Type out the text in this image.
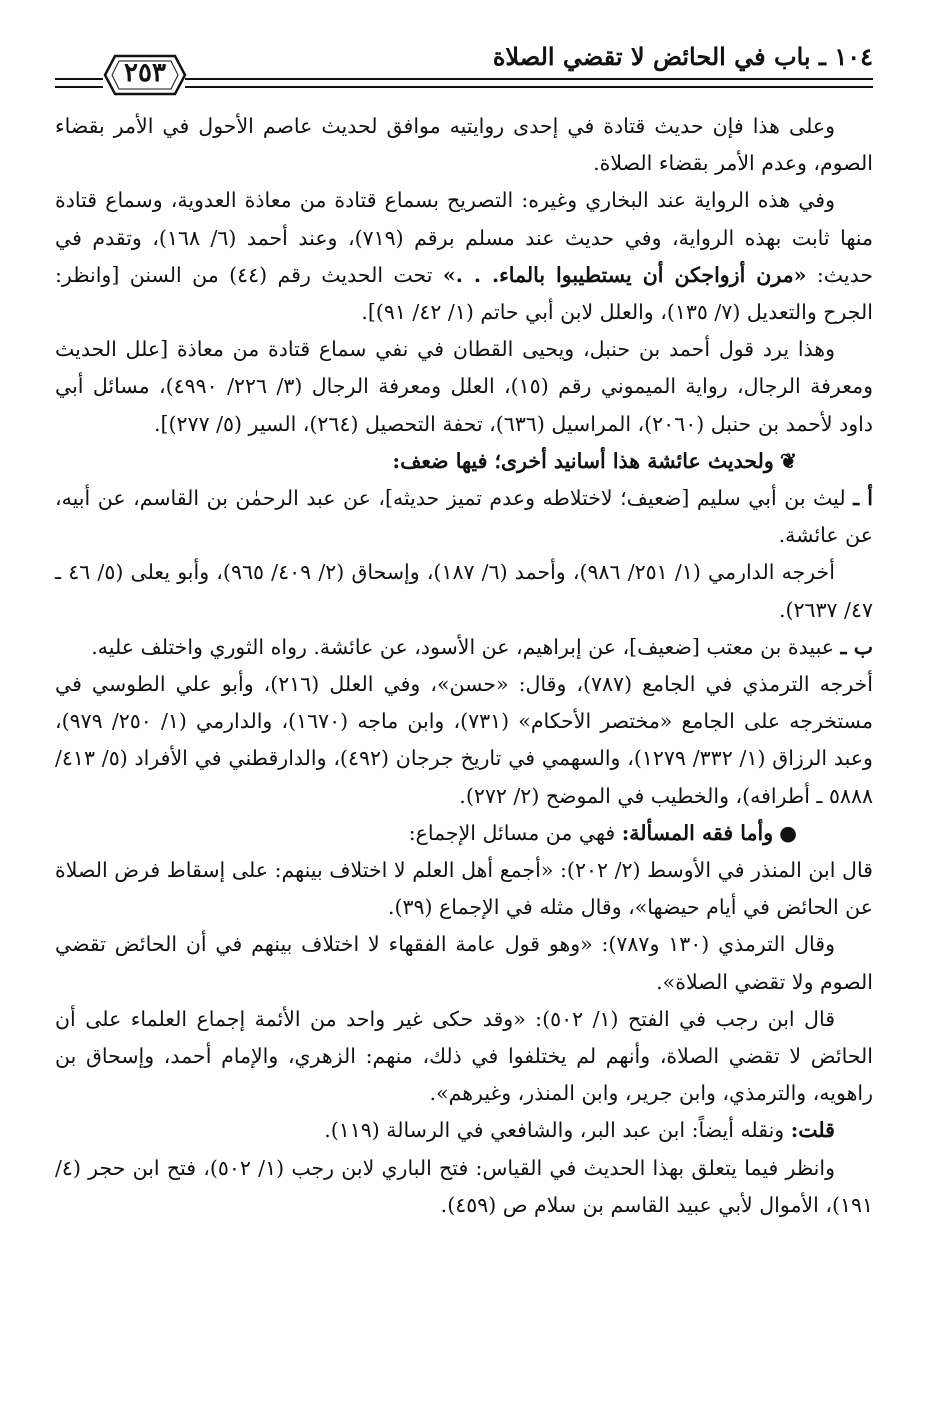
١٠٤ ـ باب في الحائض لا تقضي الصلاة
٢٥٣

وعلى هذا فإن حديث قتادة في إحدى روايتيه موافق لحديث عاصم الأحول في الأمر بقضاء الصوم، وعدم الأمر بقضاء الصلاة.

وفي هذه الرواية عند البخاري وغيره: التصريح بسماع قتادة من معاذة العدوية، وسماع قتادة منها ثابت بهذه الرواية، وفي حديث عند مسلم برقم (٧١٩)، وعند أحمد (٦/ ١٦٨)، وتقدم في حديث: «مرن أزواجكن أن يستطيبوا بالماء. . .» تحت الحديث رقم (٤٤) من السنن [وانظر: الجرح والتعديل (٧/ ١٣٥)، والعلل لابن أبي حاتم (١/ ٤٢/ ٩١)].

وهذا يرد قول أحمد بن حنبل، ويحيى القطان في نفي سماع قتادة من معاذة [علل الحديث ومعرفة الرجال، رواية الميموني رقم (١٥)، العلل ومعرفة الرجال (٣/ ٢٢٦/ ٤٩٩٠)، مسائل أبي داود لأحمد بن حنبل (٢٠٦٠)، المراسيل (٦٣٦)، تحفة التحصيل (٢٦٤)، السير (٥/ ٢٧٧)].

❦ولحديث عائشة هذا أسانيد أخرى؛ فيها ضعف:

أ ـ ليث بن أبي سليم [ضعيف؛ لاختلاطه وعدم تميز حديثه]، عن عبد الرحمٰن بن القاسم، عن أبيه، عن عائشة.

أخرجه الدارمي (١/ ٢٥١/ ٩٨٦)، وأحمد (٦/ ١٨٧)، وإسحاق (٢/ ٤٠٩/ ٩٦٥)، وأبو يعلى (٥/ ٤٦ ـ ٤٧/ ٢٦٣٧).

ب ـ عبيدة بن معتب [ضعيف]، عن إبراهيم، عن الأسود، عن عائشة. رواه الثوري واختلف عليه.

أخرجه الترمذي في الجامع (٧٨٧)، وقال: «حسن»، وفي العلل (٢١٦)، وأبو علي الطوسي في مستخرجه على الجامع «مختصر الأحكام» (٧٣١)، وابن ماجه (١٦٧٠)، والدارمي (١/ ٢٥٠/ ٩٧٩)، وعبد الرزاق (١/ ٣٣٢/ ١٢٧٩)، والسهمي في تاريخ جرجان (٤٩٢)، والدارقطني في الأفراد (٥/ ٤١٣/ ٥٨٨٨ ـ أطرافه)، والخطيب في الموضح (٢/ ٢٧٢).

●وأما فقه المسألة: فهي من مسائل الإجماع:

قال ابن المنذر في الأوسط (٢/ ٢٠٢): «أجمع أهل العلم لا اختلاف بينهم: على إسقاط فرض الصلاة عن الحائض في أيام حيضها»، وقال مثله في الإجماع (٣٩).

وقال الترمذي (١٣٠ و٧٨٧): «وهو قول عامة الفقهاء لا اختلاف بينهم في أن الحائض تقضي الصوم ولا تقضي الصلاة».

قال ابن رجب في الفتح (١/ ٥٠٢): «وقد حكى غير واحد من الأئمة إجماع العلماء على أن الحائض لا تقضي الصلاة، وأنهم لم يختلفوا في ذلك، منهم: الزهري، والإمام أحمد، وإسحاق بن راهويه، والترمذي، وابن جرير، وابن المنذر، وغيرهم».

قلت: ونقله أيضاً: ابن عبد البر، والشافعي في الرسالة (١١٩).

وانظر فيما يتعلق بهذا الحديث في القياس: فتح الباري لابن رجب (١/ ٥٠٢)، فتح ابن حجر (٤/ ١٩١)، الأموال لأبي عبيد القاسم بن سلام ص (٤٥٩).
